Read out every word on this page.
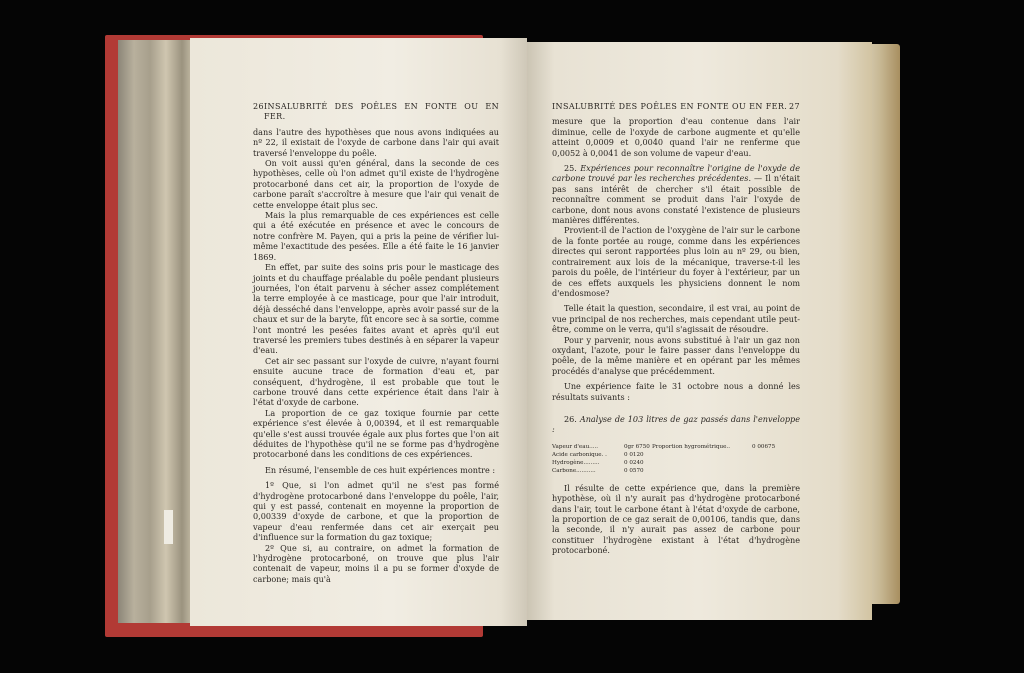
26 INSALUBRITÉ DES POÊLES EN FONTE OU EN FER.

dans l'autre des hypothèses que nous avons indiquées au nº 22, il existait de l'oxyde de carbone dans l'air qui avait traversé l'enveloppe du poêle.

On voit aussi qu'en général, dans la seconde de ces hypothèses, celle où l'on admet qu'il existe de l'hydrogène protocarboné dans cet air, la proportion de l'oxyde de carbone paraît s'accroître à mesure que l'air qui venait de cette enveloppe était plus sec.

Mais la plus remarquable de ces expériences est celle qui a été exécutée en présence et avec le concours de notre confrère M. Payen, qui a pris la peine de vérifier lui-même l'exactitude des pesées. Elle a été faite le 16 janvier 1869.

En effet, par suite des soins pris pour le masticage des joints et du chauffage préalable du poêle pendant plusieurs journées, l'on était parvenu à sécher assez complétement la terre employée à ce masticage, pour que l'air introduit, déjà desséché dans l'enveloppe, après avoir passé sur de la chaux et sur de la baryte, fût encore sec à sa sortie, comme l'ont montré les pesées faites avant et après qu'il eut traversé les premiers tubes destinés à en séparer la vapeur d'eau.

Cet air sec passant sur l'oxyde de cuivre, n'ayant fourni ensuite aucune trace de formation d'eau et, par conséquent, d'hydrogène, il est probable que tout le carbone trouvé dans cette expérience était dans l'air à l'état d'oxyde de carbone.

La proportion de ce gaz toxique fournie par cette expérience s'est élevée à 0,00394, et il est remarquable qu'elle s'est aussi trouvée égale aux plus fortes que l'on ait déduites de l'hypothèse qu'il ne se forme pas d'hydrogène protocarboné dans les conditions de ces expériences.

En résumé, l'ensemble de ces huit expériences montre :

1º Que, si l'on admet qu'il ne s'est pas formé d'hydrogène protocarboné dans l'enveloppe du poêle, l'air, qui y est passé, contenait en moyenne la proportion de 0,00339 d'oxyde de carbone, et que la proportion de vapeur d'eau renfermée dans cet air exerçait peu d'influence sur la formation du gaz toxique;

2º Que si, au contraire, on admet la formation de l'hydrogène protocarboné, on trouve que plus l'air contenait de vapeur, moins il a pu se former d'oxyde de carbone; mais qu'à

INSALUBRITÉ DES POÊLES EN FONTE OU EN FER. 27

mesure que la proportion d'eau contenue dans l'air diminue, celle de l'oxyde de carbone augmente et qu'elle atteint 0,0009 et 0,0040 quand l'air ne renferme que 0,0052 à 0,0041 de son volume de vapeur d'eau.

25. Expériences pour reconnaître l'origine de l'oxyde de carbone trouvé par les recherches précédentes. — Il n'était pas sans intérêt de chercher s'il était possible de reconnaître comment se produit dans l'air l'oxyde de carbone, dont nous avons constaté l'existence de plusieurs manières différentes.

Provient-il de l'action de l'oxygène de l'air sur le carbone de la fonte portée au rouge, comme dans les expériences directes qui seront rapportées plus loin au nº 29, ou bien, contrairement aux lois de la mécanique, traverse-t-il les parois du poêle, de l'intérieur du foyer à l'extérieur, par un de ces effets auxquels les physiciens donnent le nom d'endosmose?

Telle était la question, secondaire, il est vrai, au point de vue principal de nos recherches, mais cependant utile peut-être, comme on le verra, qu'il s'agissait de résoudre.

Pour y parvenir, nous avons substitué à l'air un gaz non oxydant, l'azote, pour le faire passer dans l'enveloppe du poêle, de la même manière et en opérant par les mêmes procédés d'analyse que précédemment.

Une expérience faite le 31 octobre nous a donné les résultats suivants :

26. Analyse de 103 litres de gaz passés dans l'enveloppe :

Vapeur d'eau.....	0gr 6750 Proportion hygrométrique..	0 00675
Acide carbonique. .	0 0120
Hydrogène.........	0 0240
Carbone...........	0 0570

Il résulte de cette expérience que, dans la première hypothèse, où il n'y aurait pas d'hydrogène protocarboné dans l'air, tout le carbone étant à l'état d'oxyde de carbone, la proportion de ce gaz serait de 0,00106, tandis que, dans la seconde, il n'y aurait pas assez de carbone pour constituer l'hydrogène existant à l'état d'hydrogène protocarboné.
